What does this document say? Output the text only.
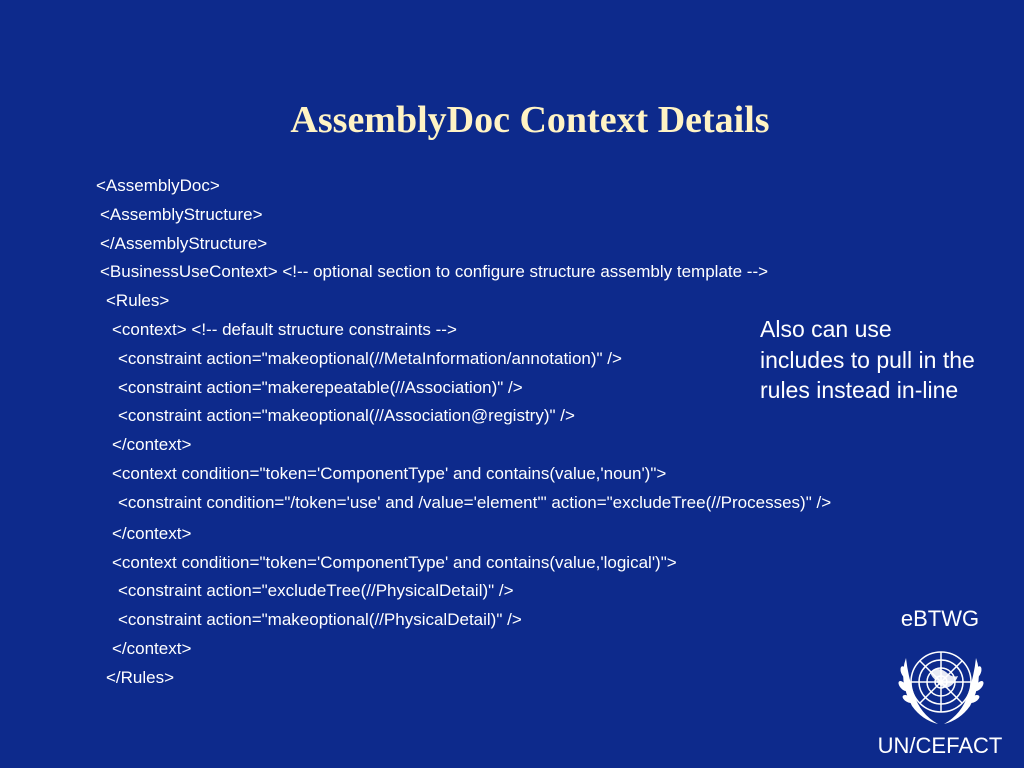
AssemblyDoc Context Details
<AssemblyDoc>
<AssemblyStructure>
</AssemblyStructure>
<BusinessUseContext> <!-- optional section to configure structure assembly template -->
<Rules>
<context> <!-- default structure constraints -->
<constraint action="makeoptional(//MetaInformation/annotation)" />
<constraint action="makerepeatable(//Association)" />
<constraint action="makeoptional(//Association@registry)" />
</context>
<context condition="token='ComponentType' and contains(value,'noun')">
<constraint condition="/token='use' and /value='element'" action="excludeTree(//Processes)" />
</context>
<context condition="token='ComponentType' and contains(value,'logical')">
<constraint action="excludeTree(//PhysicalDetail)" />
<constraint action="makeoptional(//PhysicalDetail)" />
</context>
</Rules>
Also can use includes to pull in the rules instead in-line
eBTWG
UN/CEFACT
